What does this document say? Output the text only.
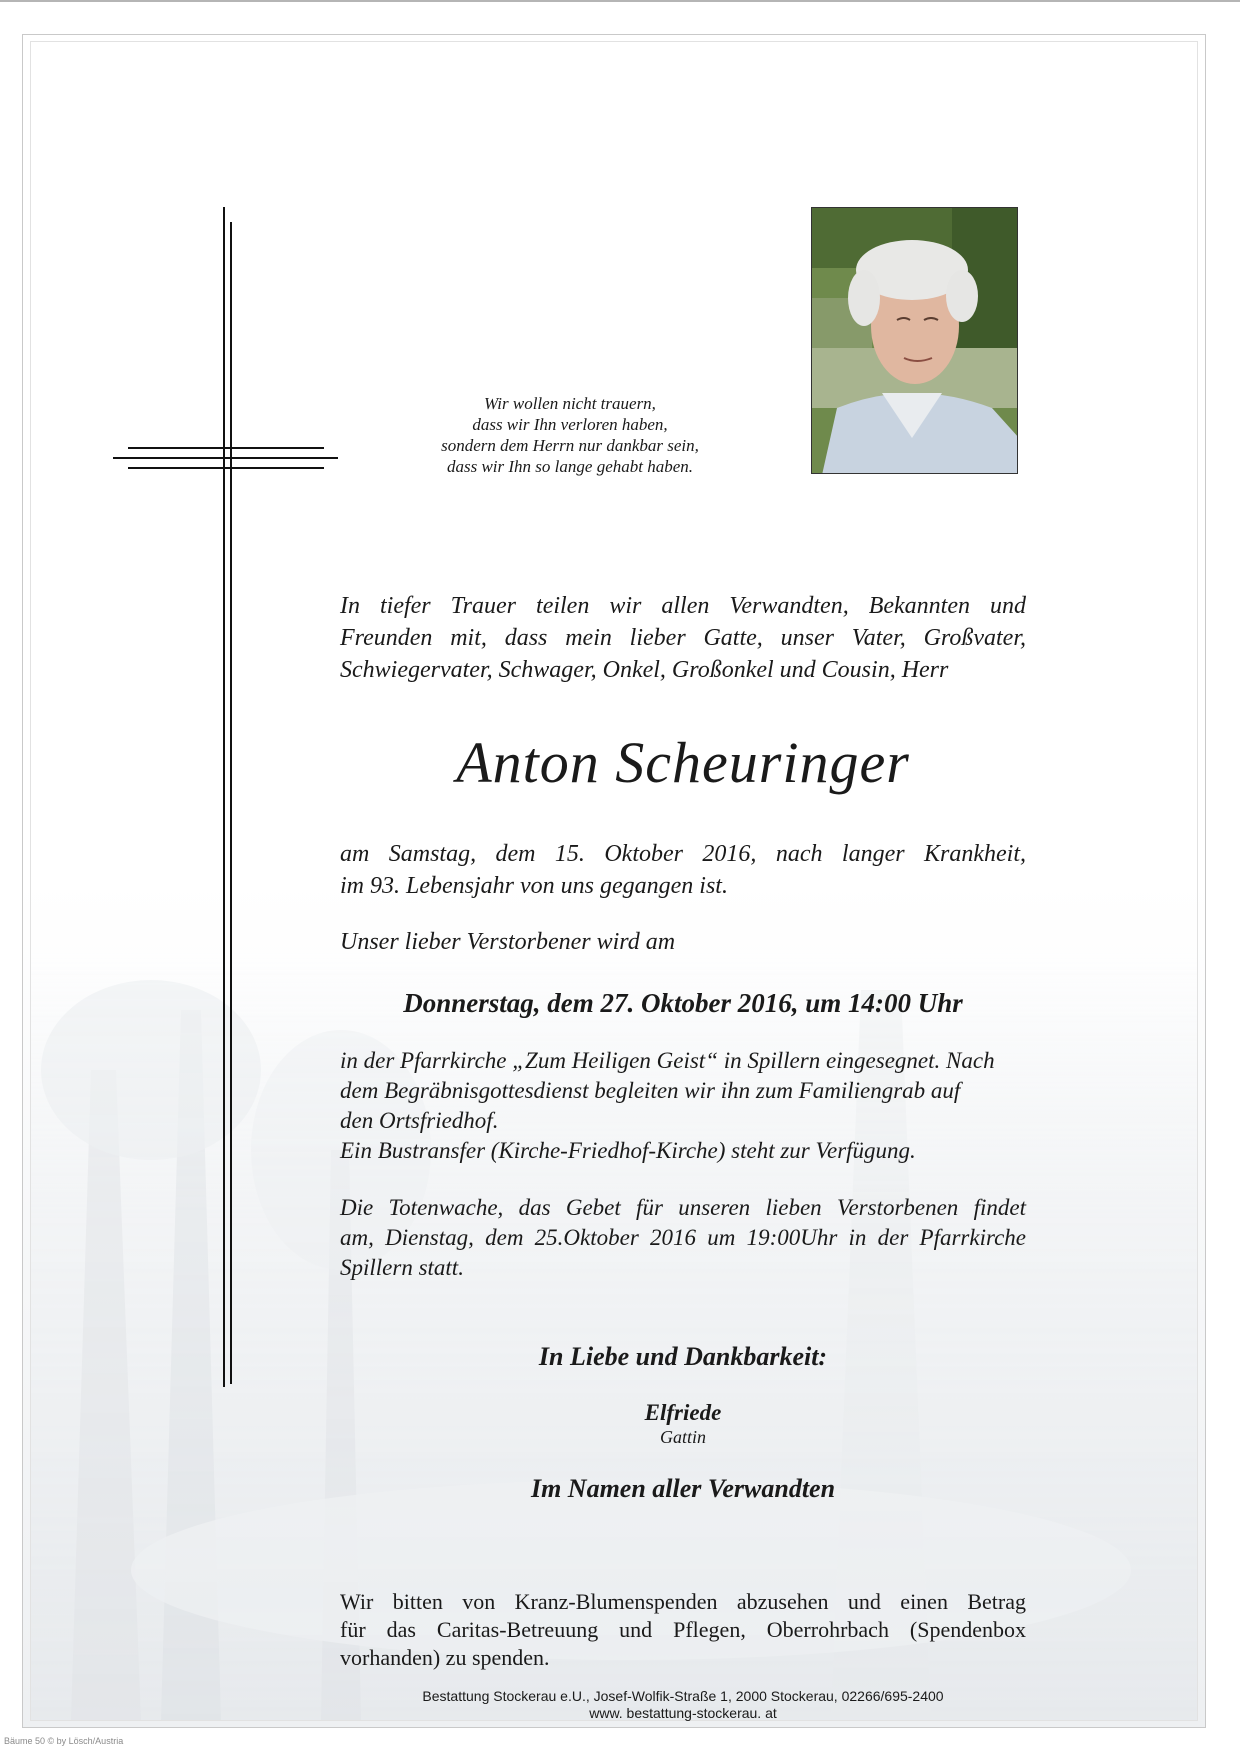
Wir wollen nicht trauern,
dass wir Ihn verloren haben,
sondern dem Herrn nur dankbar sein,
dass wir Ihn so lange gehabt haben.
In tiefer Trauer teilen wir allen Verwandten, Bekannten und
Freunden mit, dass mein lieber Gatte, unser Vater, Großvater,
Schwiegervater, Schwager, Onkel, Großonkel und Cousin, Herr
Anton Scheuringer
am Samstag, dem 15. Oktober 2016, nach langer Krankheit,
im 93. Lebensjahr von uns gegangen ist.
Unser lieber Verstorbener wird am
Donnerstag, dem 27. Oktober 2016, um 14:00 Uhr
in der Pfarrkirche „Zum Heiligen Geist“ in Spillern eingesegnet. Nach
dem Begräbnisgottesdienst begleiten wir ihn zum Familiengrab auf
den Ortsfriedhof.
Ein Bustransfer (Kirche-Friedhof-Kirche) steht zur Verfügung.
Die Totenwache, das Gebet für unseren lieben Verstorbenen findet
am, Dienstag, dem 25.Oktober 2016 um 19:00Uhr in der Pfarrkirche
Spillern statt.
In Liebe und Dankbarkeit:
Elfriede
Gattin
Im Namen aller Verwandten
Wir bitten von Kranz-Blumenspenden abzusehen und einen Betrag
für das Caritas-Betreuung und Pflegen, Oberrohrbach (Spendenbox
vorhanden) zu spenden.
Bestattung Stockerau e.U., Josef-Wolfik-Straße 1, 2000 Stockerau, 02266/695-2400
www. bestattung-stockerau. at
Bäume 50 © by Lösch/Austria
